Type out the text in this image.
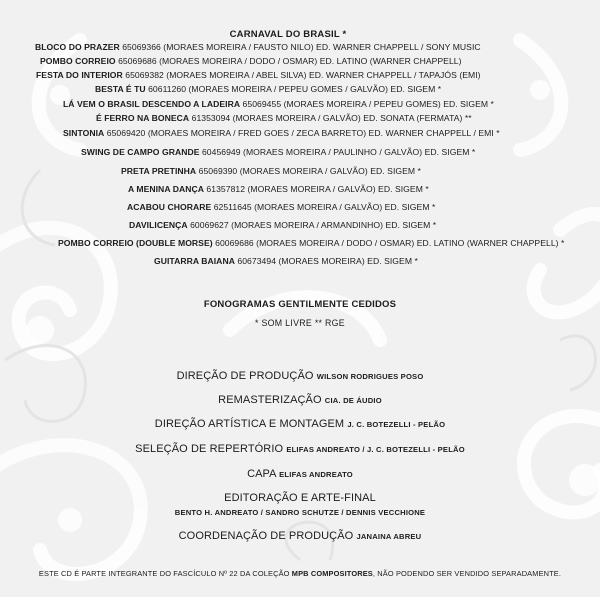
CARNAVAL DO BRASIL *
BLOCO DO PRAZER 65069366 (MORAES MOREIRA / FAUSTO NILO) ED. WARNER CHAPPELL / SONY MUSIC
POMBO CORREIO 65069686 (MORAES MOREIRA / DODO / OSMAR) ED. LATINO (WARNER CHAPPELL)
FESTA DO INTERIOR 65069382 (MORAES MOREIRA / ABEL SILVA) ED. WARNER CHAPPELL / TAPAJÓS (EMI)
BESTA É TU 60611260 (MORAES MOREIRA / PEPEU GOMES / GALVÃO) ED. SIGEM *
LÁ VEM O BRASIL DESCENDO A LADEIRA 65069455 (MORAES MOREIRA / PEPEU GOMES) ED. SIGEM *
É FERRO NA BONECA 61353094 (MORAES MOREIRA / GALVÃO) ED. SONATA (FERMATA) **
SINTONIA 65069420 (MORAES MOREIRA / FRED GOES / ZECA BARRETO) ED. WARNER CHAPPELL / EMI *
SWING DE CAMPO GRANDE 60456949 (MORAES MOREIRA / PAULINHO / GALVÃO) ED. SIGEM *
PRETA PRETINHA 65069390 (MORAES MOREIRA / GALVÃO) ED. SIGEM *
A MENINA DANÇA 61357812 (MORAES MOREIRA / GALVÃO) ED. SIGEM *
ACABOU CHORARE 62511645 (MORAES MOREIRA / GALVÃO) ED. SIGEM *
DAVILICENÇA 60069627 (MORAES MOREIRA / ARMANDINHO) ED. SIGEM *
POMBO CORREIO (DOUBLE MORSE) 60069686 (MORAES MOREIRA / DODO / OSMAR) ED. LATINO (WARNER CHAPPELL) *
GUITARRA BAIANA 60673494 (MORAES MOREIRA) ED. SIGEM *
FONOGRAMAS GENTILMENTE CEDIDOS
* SOM LIVRE ** RGE
DIREÇÃO DE PRODUÇÃO WILSON RODRIGUES POSO
REMASTERIZAÇÃO CIA. DE ÁUDIO
DIREÇÃO ARTÍSTICA E MONTAGEM J. C. BOTEZELLI - PELÃO
SELEÇÃO DE REPERTÓRIO ELIFAS ANDREATO / J. C. BOTEZELLI - PELÃO
CAPA ELIFAS ANDREATO
EDITORAÇÃO E ARTE-FINAL
BENTO H. ANDREATO / SANDRO SCHUTZE / DENNIS VECCHIONE
COORDENAÇÃO DE PRODUÇÃO JANAINA ABREU
ESTE CD É PARTE INTEGRANTE DO FASCÍCULO Nº 22 DA COLEÇÃO MPB COMPOSITORES, NÃO PODENDO SER VENDIDO SEPARADAMENTE.
